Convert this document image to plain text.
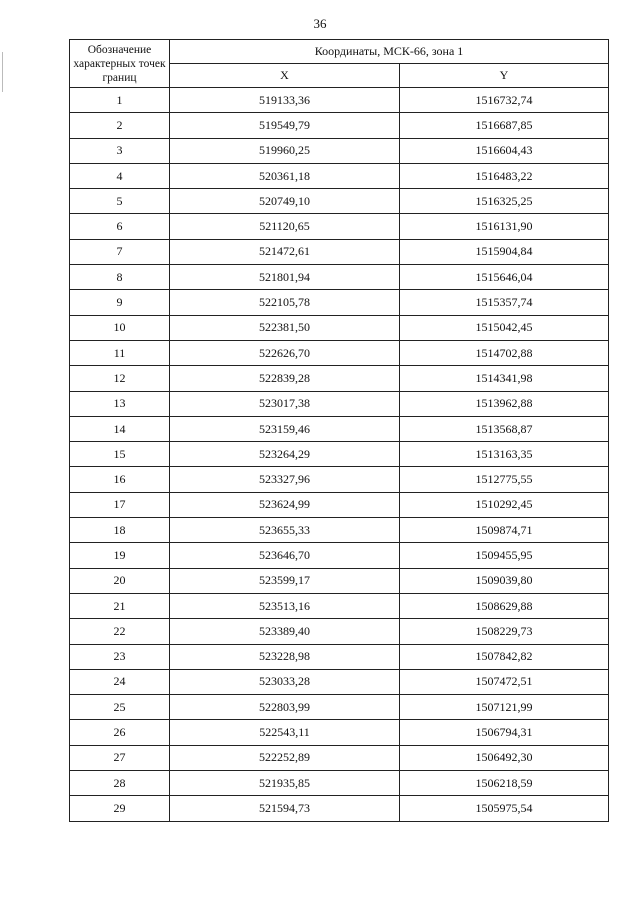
36
Обозначение характерных точек границ	Координаты, МСК-66, зона 1	
	X	Y
1	519133,36	1516732,74
2	519549,79	1516687,85
3	519960,25	1516604,43
4	520361,18	1516483,22
5	520749,10	1516325,25
6	521120,65	1516131,90
7	521472,61	1515904,84
8	521801,94	1515646,04
9	522105,78	1515357,74
10	522381,50	1515042,45
11	522626,70	1514702,88
12	522839,28	1514341,98
13	523017,38	1513962,88
14	523159,46	1513568,87
15	523264,29	1513163,35
16	523327,96	1512775,55
17	523624,99	1510292,45
18	523655,33	1509874,71
19	523646,70	1509455,95
20	523599,17	1509039,80
21	523513,16	1508629,88
22	523389,40	1508229,73
23	523228,98	1507842,82
24	523033,28	1507472,51
25	522803,99	1507121,99
26	522543,11	1506794,31
27	522252,89	1506492,30
28	521935,85	1506218,59
29	521594,73	1505975,54
